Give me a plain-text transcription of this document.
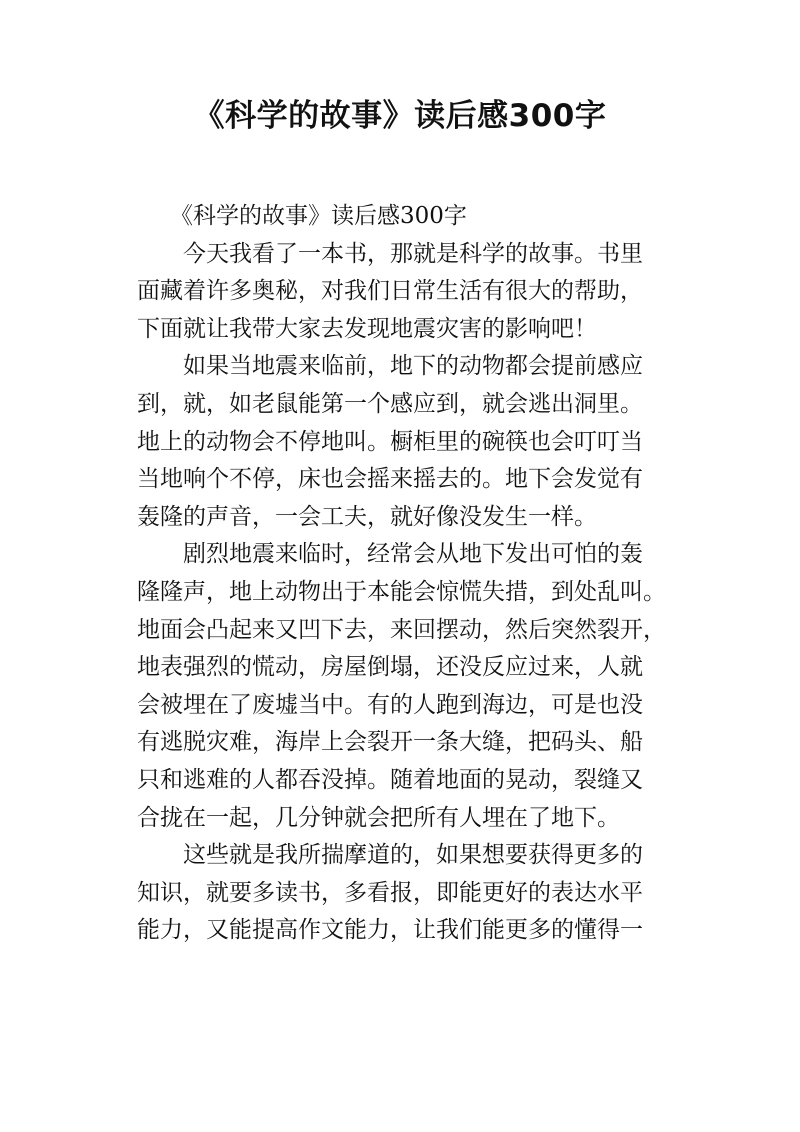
《科学的故事》读后感300字
《科学的故事》读后感300字
今天我看了一本书，那就是科学的故事。书里
面藏着许多奥秘，对我们日常生活有很大的帮助，
下面就让我带大家去发现地震灾害的影响吧！
如果当地震来临前，地下的动物都会提前感应
到，就，如老鼠能第一个感应到，就会逃出洞里。
地上的动物会不停地叫。橱柜里的碗筷也会叮叮当
当地响个不停，床也会摇来摇去的。地下会发觉有
轰隆的声音，一会工夫，就好像没发生一样。
剧烈地震来临时，经常会从地下发出可怕的轰
隆隆声，地上动物出于本能会惊慌失措，到处乱叫。
地面会凸起来又凹下去，来回摆动，然后突然裂开，
地表强烈的慌动，房屋倒塌，还没反应过来，人就
会被埋在了废墟当中。有的人跑到海边，可是也没
有逃脱灾难，海岸上会裂开一条大缝，把码头、船
只和逃难的人都吞没掉。随着地面的晃动，裂缝又
合拢在一起，几分钟就会把所有人埋在了地下。
这些就是我所揣摩道的，如果想要获得更多的
知识，就要多读书，多看报，即能更好的表达水平
能力，又能提高作文能力，让我们能更多的懂得一
